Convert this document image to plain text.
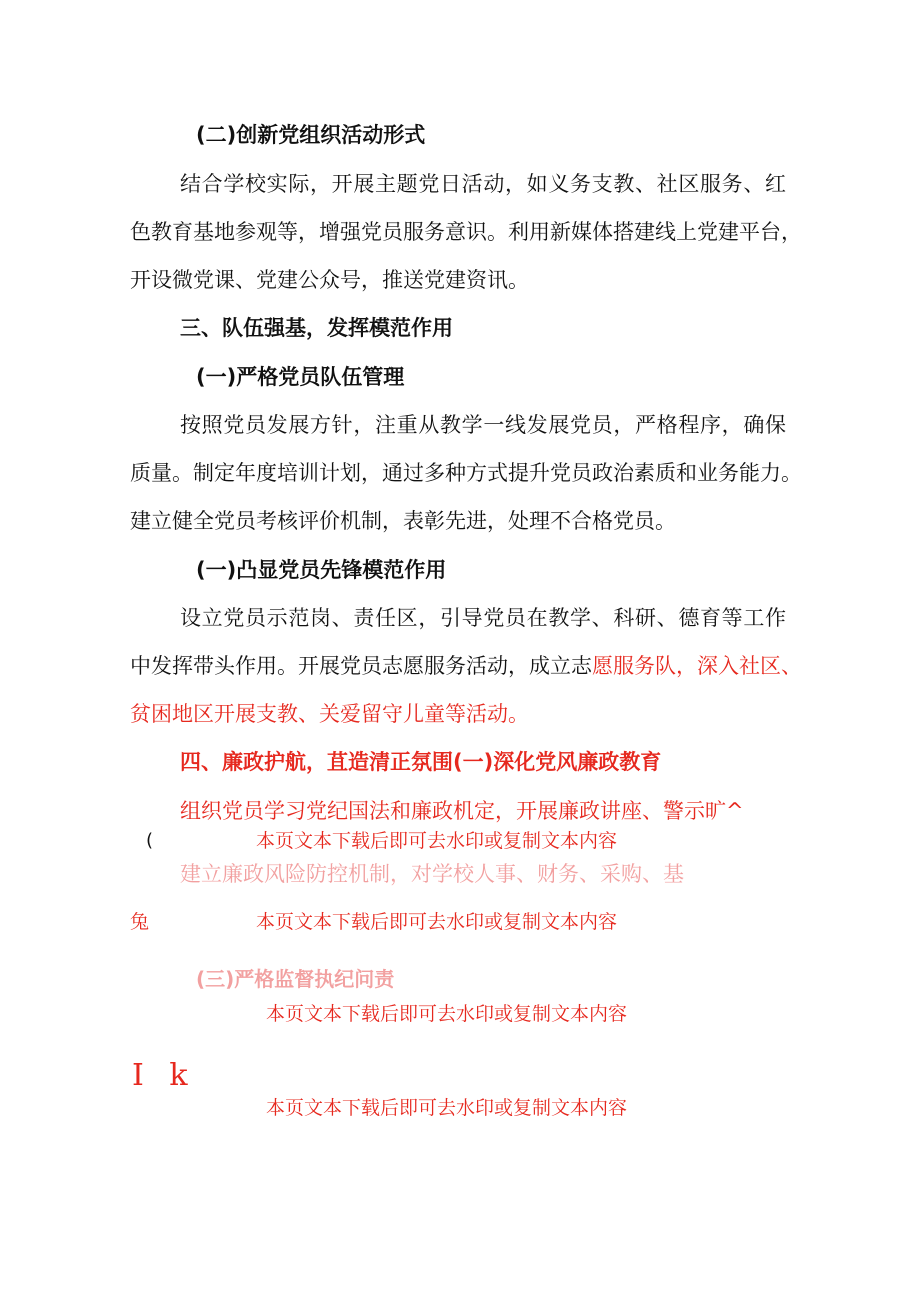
(二)创新党组织活动形式
结合学校实际，开展主题党日活动，如义务支教、社区服务、红
色教育基地参观等，增强党员服务意识。利用新媒体搭建线上党建平台，
开设微党课、党建公众号，推送党建资讯。
三、队伍强基，发挥模范作用
(一)严格党员队伍管理
按照党员发展方针，注重从教学一线发展党员，严格程序，确保
质量。制定年度培训计划，通过多种方式提升党员政治素质和业务能力。
建立健全党员考核评价机制，表彰先进，处理不合格党员。
(一)凸显党员先锋模范作用
设立党员示范岗、责任区，引导党员在教学、科研、德育等工作
中发挥带头作用。开展党员志愿服务活动，成立志愿服务队，深入社区、
贫困地区开展支教、关爱留守儿童等活动。
四、廉政护航，苴造清正氛围(一)深化党风廉政教育
组织党员学习党纪国法和廉政机定，开展廉政讲座、警示旷^
(	本页文本下载后即可去水印或复制文本内容
建立廉政风险防控机制，对学校人事、财务、采购、基
兔	本页文本下载后即可去水印或复制文本内容
(三)严格监督执纪问责
本页文本下载后即可去水印或复制文本内容
I k
本页文本下载后即可去水印或复制文本内容
